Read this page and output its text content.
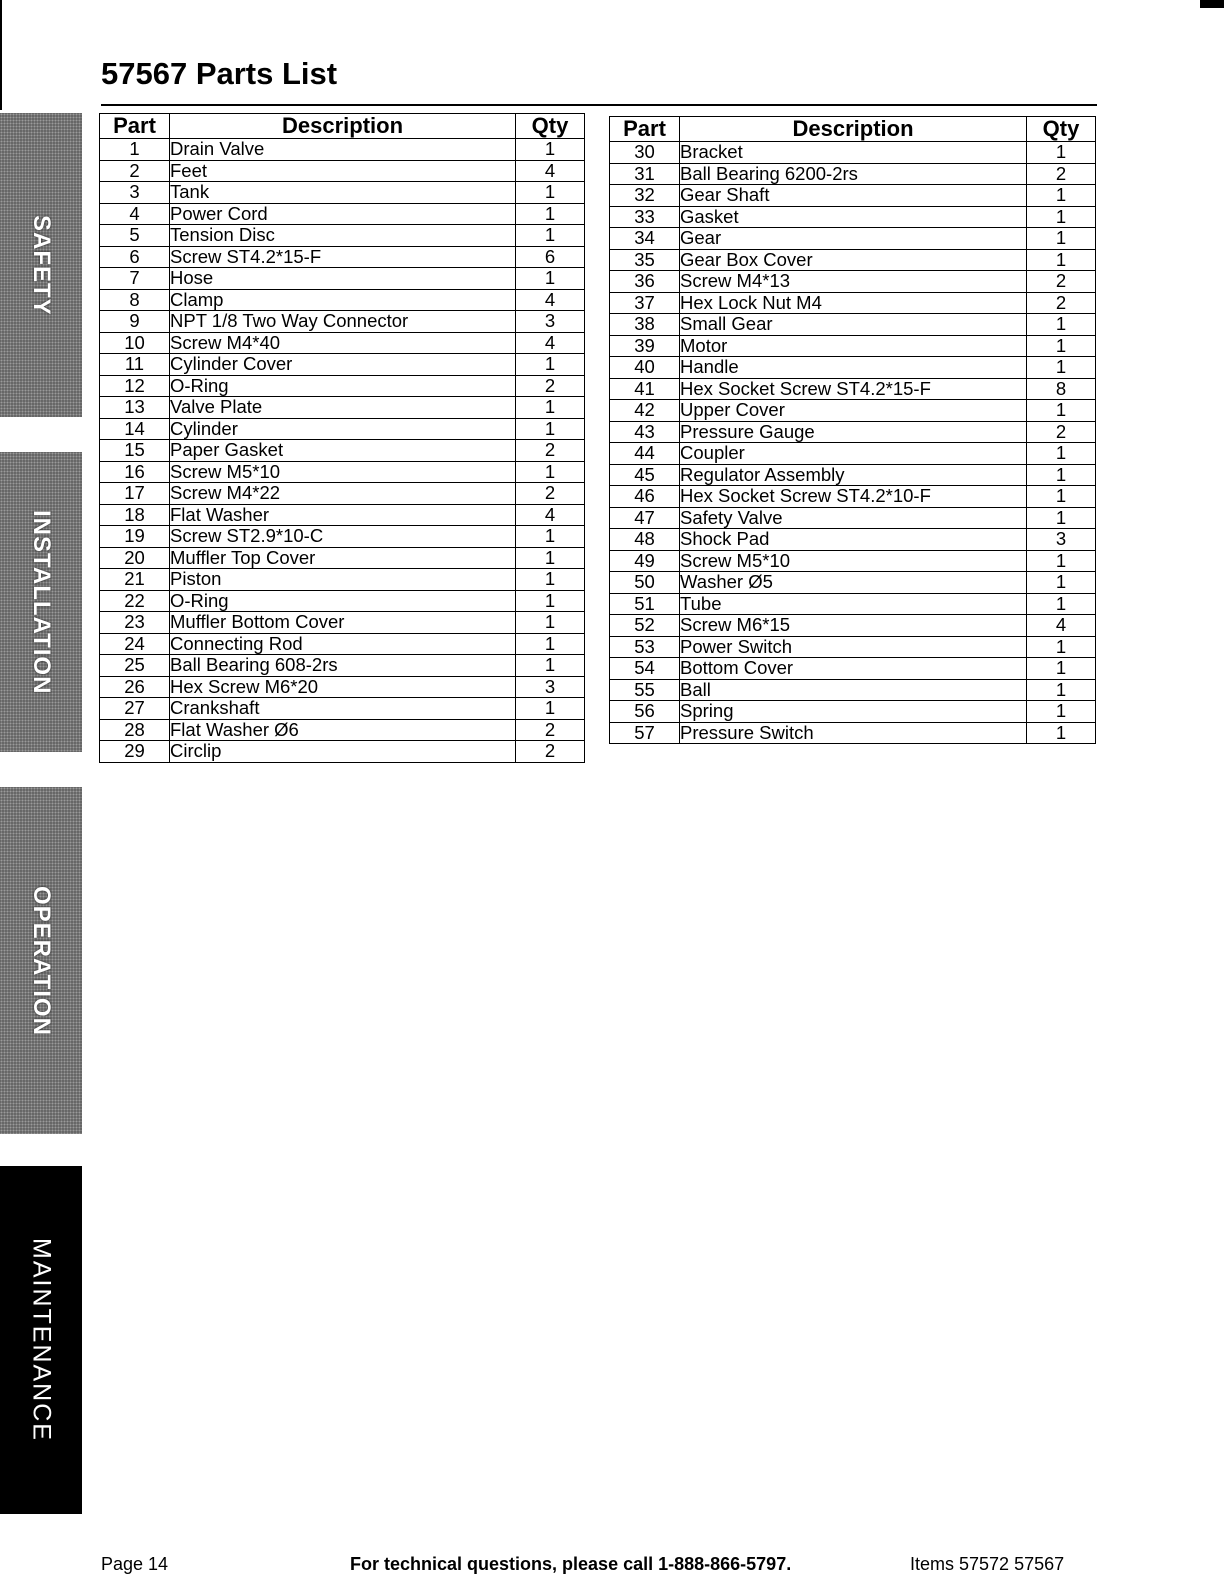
SAFETY
INSTALLATION
OPERATION
MAINTENANCE
57567 Parts List
Part	Description	Qty
1	Drain Valve	1
2	Feet	4
3	Tank	1
4	Power Cord	1
5	Tension Disc	1
6	Screw ST4.2*15-F	6
7	Hose	1
8	Clamp	4
9	NPT 1/8 Two Way Connector	3
10	Screw M4*40	4
11	Cylinder Cover	1
12	O-Ring	2
13	Valve Plate	1
14	Cylinder	1
15	Paper Gasket	2
16	Screw M5*10	1
17	Screw M4*22	2
18	Flat Washer	4
19	Screw ST2.9*10-C	1
20	Muffler Top Cover	1
21	Piston	1
22	O-Ring	1
23	Muffler Bottom Cover	1
24	Connecting Rod	1
25	Ball Bearing 608-2rs	1
26	Hex Screw M6*20	3
27	Crankshaft	1
28	Flat Washer Ø6	2
29	Circlip	2
Part	Description	Qty
30	Bracket	1
31	Ball Bearing 6200-2rs	2
32	Gear Shaft	1
33	Gasket	1
34	Gear	1
35	Gear Box Cover	1
36	Screw M4*13	2
37	Hex Lock Nut M4	2
38	Small Gear	1
39	Motor	1
40	Handle	1
41	Hex Socket Screw ST4.2*15-F	8
42	Upper Cover	1
43	Pressure Gauge	2
44	Coupler	1
45	Regulator Assembly	1
46	Hex Socket Screw ST4.2*10-F	1
47	Safety Valve	1
48	Shock Pad	3
49	Screw M5*10	1
50	Washer Ø5	1
51	Tube	1
52	Screw M6*15	4
53	Power Switch	1
54	Bottom Cover	1
55	Ball	1
56	Spring	1
57	Pressure Switch	1
Page 14	For technical questions, please call 1-888-866-5797.	Items 57572 57567
